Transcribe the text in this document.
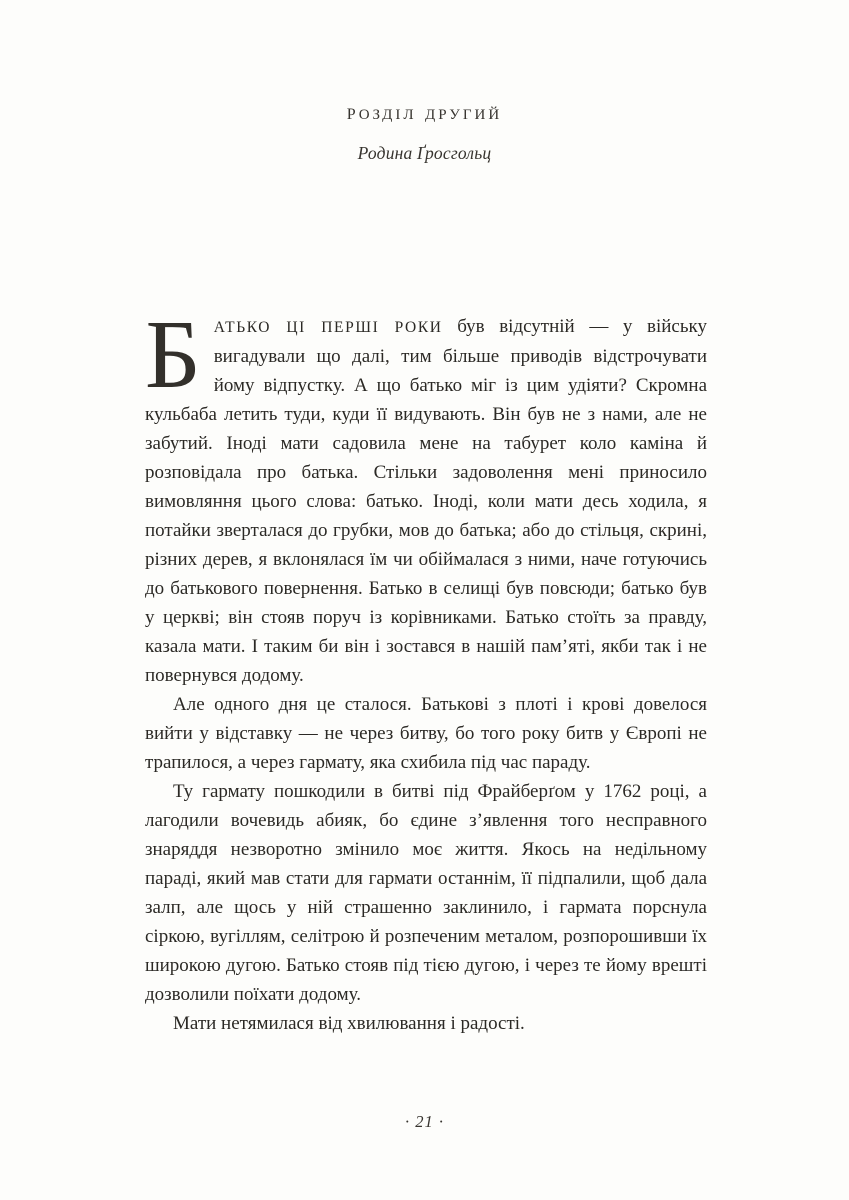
розділ другий
Родина Ґросгольц

БАТЬКО ЦІ ПЕРШІ РОКИ був відсутній — у війську вигадували що далі, тим більше приводів відстрочувати йому відпустку. А що батько міг із цим удіяти? Скромна кульбаба летить туди, куди її видувають. Він був не з нами, але не забутий. Іноді мати садовила мене на табурет коло каміна й розповідала про батька. Стільки задоволення мені приносило вимовляння цього слова: батько. Іноді, коли мати десь ходила, я потайки зверталася до грубки, мов до батька; або до стільця, скрині, різних дерев, я вклонялася їм чи обіймалася з ними, наче готуючись до батькового повернення. Батько в селищі був повсюди; батько був у церкві; він стояв поруч із корівниками. Батько стоїть за правду, казала мати. І таким би він і зостався в нашій пам’яті, якби так і не повернувся додому.

Але одного дня це сталося. Батькові з плоті і крові довелося вийти у відставку — не через битву, бо того року битв у Європі не трапилося, а через гармату, яка схибила під час параду.

Ту гармату пошкодили в битві під Фрайберґом у 1762 році, а лагодили вочевидь абияк, бо єдине з’явлення того несправного знаряддя незворотно змінило моє життя. Якось на недільному параді, який мав стати для гармати останнім, її підпалили, щоб дала залп, але щось у ній страшенно заклинило, і гармата порснула сіркою, вугіллям, селітрою й розпеченим металом, розпорошивши їх широкою дугою. Батько стояв під тією дугою, і через те йому врешті дозволили поїхати додому.

Мати нетямилася від хвилювання і радості.

· 21 ·
